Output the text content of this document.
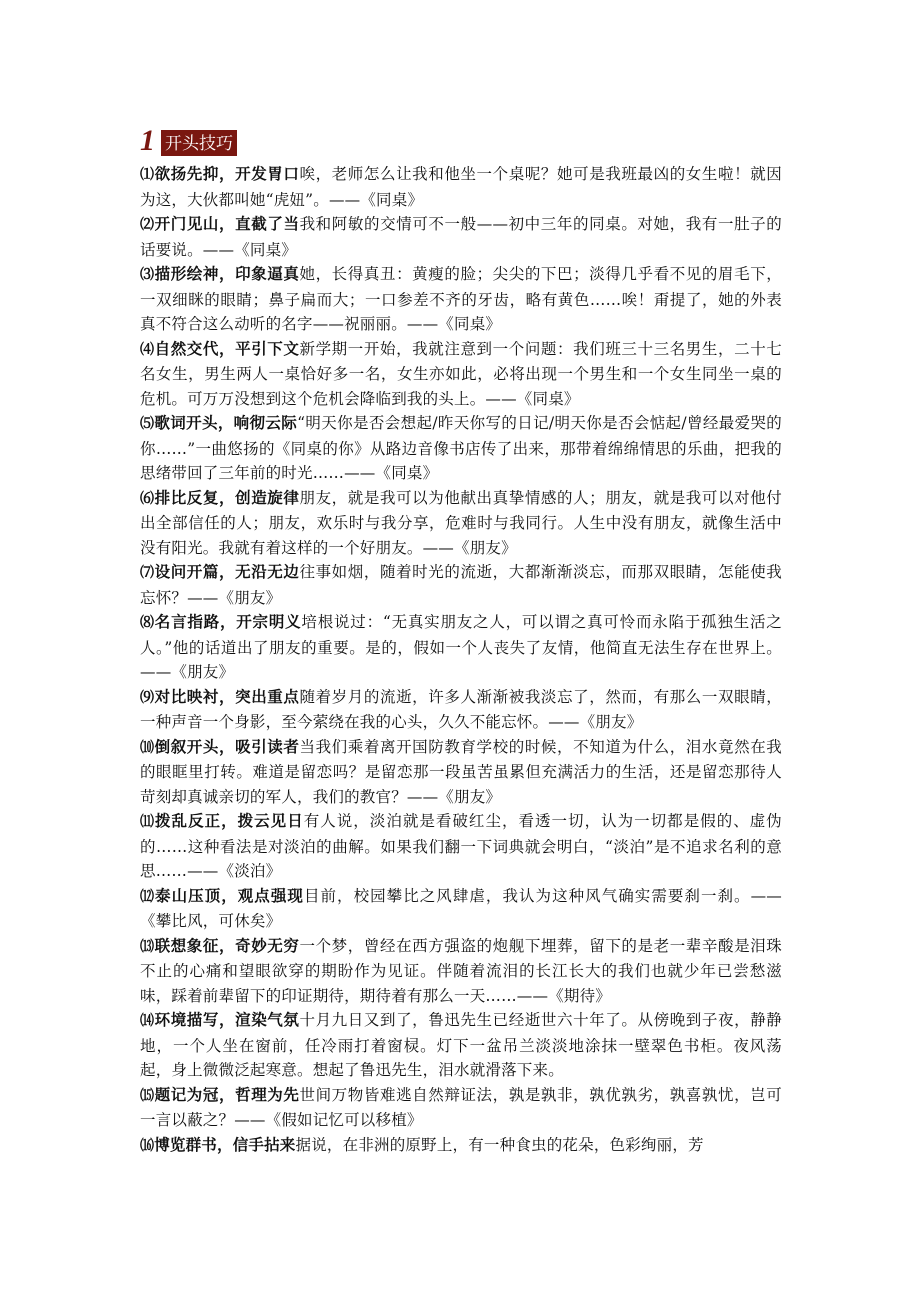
1 开头技巧

⑴欲扬先抑，开发胃口唉，老师怎么让我和他坐一个桌呢？她可是我班最凶的女生啦！就因为这，大伙都叫她“虎妞”。——《同桌》

⑵开门见山，直截了当我和阿敏的交情可不一般——初中三年的同桌。对她，我有一肚子的话要说。——《同桌》

⑶描形绘神，印象逼真她，长得真丑：黄瘦的脸；尖尖的下巴；淡得几乎看不见的眉毛下，一双细眯的眼睛；鼻子扁而大；一口参差不齐的牙齿，略有黄色……唉！甭提了，她的外表真不符合这么动听的名字——祝丽丽。——《同桌》

⑷自然交代，平引下文新学期一开始，我就注意到一个问题：我们班三十三名男生，二十七名女生，男生两人一桌恰好多一名，女生亦如此，必将出现一个男生和一个女生同坐一桌的危机。可万万没想到这个危机会降临到我的头上。——《同桌》

⑸歌词开头，响彻云际“明天你是否会想起/昨天你写的日记/明天你是否会惦起/曾经最爱哭的你……”一曲悠扬的《同桌的你》从路边音像书店传了出来，那带着绵绵情思的乐曲，把我的思绪带回了三年前的时光……——《同桌》

⑹排比反复，创造旋律朋友，就是我可以为他献出真挚情感的人；朋友，就是我可以对他付出全部信任的人；朋友，欢乐时与我分享，危难时与我同行。人生中没有朋友，就像生活中没有阳光。我就有着这样的一个好朋友。——《朋友》

⑺设问开篇，无沿无边往事如烟，随着时光的流逝，大都渐渐淡忘，而那双眼睛，怎能使我忘怀？——《朋友》

⑻名言指路，开宗明义培根说过：“无真实朋友之人，可以谓之真可怜而永陷于孤独生活之人。”他的话道出了朋友的重要。是的，假如一个人丧失了友情，他简直无法生存在世界上。——《朋友》

⑼对比映衬，突出重点随着岁月的流逝，许多人渐渐被我淡忘了，然而，有那么一双眼睛，一种声音一个身影，至今萦绕在我的心头，久久不能忘怀。——《朋友》

⑽倒叙开头，吸引读者当我们乘着离开国防教育学校的时候，不知道为什么，泪水竟然在我的眼眶里打转。难道是留恋吗？是留恋那一段虽苦虽累但充满活力的生活，还是留恋那待人苛刻却真诚亲切的军人，我们的教官？——《朋友》

⑾拨乱反正，拨云见日有人说，淡泊就是看破红尘，看透一切，认为一切都是假的、虚伪的……这种看法是对淡泊的曲解。如果我们翻一下词典就会明白，“淡泊”是不追求名利的意思……——《淡泊》

⑿泰山压顶，观点强现目前，校园攀比之风肆虐，我认为这种风气确实需要刹一刹。——《攀比风，可休矣》

⒀联想象征，奇妙无穷一个梦，曾经在西方强盗的炮舰下埋葬，留下的是老一辈辛酸是泪珠不止的心痛和望眼欲穿的期盼作为见证。伴随着流泪的长江长大的我们也就少年已尝愁滋味，踩着前辈留下的印证期待，期待着有那么一天……——《期待》

⒁环境描写，渲染气氛十月九日又到了，鲁迅先生已经逝世六十年了。从傍晚到子夜，静静地，一个人坐在窗前，任冷雨打着窗棂。灯下一盆吊兰淡淡地涂抹一壁翠色书柜。夜风荡起，身上微微泛起寒意。想起了鲁迅先生，泪水就滑落下来。

⒂题记为冠，哲理为先世间万物皆难逃自然辩证法，孰是孰非，孰优孰劣，孰喜孰忧，岂可一言以蔽之？——《假如记忆可以移植》

⒃博览群书，信手拈来据说，在非洲的原野上，有一种食虫的花朵，色彩绚丽，芳
